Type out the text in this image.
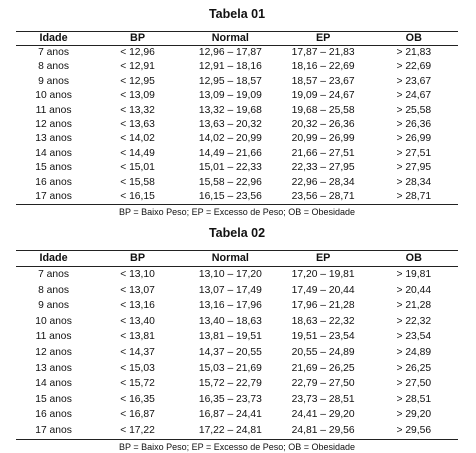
Tabela 01
Idade	BP	Normal	EP	OB
7 anos	< 12,96	12,96 – 17,87	17,87 – 21,83	> 21,83
8 anos	< 12,91	12,91 – 18,16	18,16 – 22,69	> 22,69
9 anos	< 12,95	12,95 – 18,57	18,57 – 23,67	> 23,67
10 anos	< 13,09	13,09 – 19,09	19,09 – 24,67	> 24,67
11 anos	< 13,32	13,32 – 19,68	19,68 – 25,58	> 25,58
12 anos	< 13,63	13,63 – 20,32	20,32 – 26,36	> 26,36
13 anos	< 14,02	14,02 – 20,99	20,99 – 26,99	> 26,99
14 anos	< 14,49	14,49 – 21,66	21,66 – 27,51	> 27,51
15 anos	< 15,01	15,01 – 22,33	22,33 – 27,95	> 27,95
16 anos	< 15,58	15,58 – 22,96	22,96 – 28,34	> 28,34
17 anos	< 16,15	16,15 – 23,56	23,56 – 28,71	> 28,71
BP = Baixo Peso; EP = Excesso de Peso; OB = Obesidade
Tabela 02
Idade	BP	Normal	EP	OB
7 anos	< 13,10	13,10 – 17,20	17,20 – 19,81	> 19,81
8 anos	< 13,07	13,07 – 17,49	17,49 – 20,44	> 20,44
9 anos	< 13,16	13,16 – 17,96	17,96 – 21,28	> 21,28
10 anos	< 13,40	13,40 – 18,63	18,63 – 22,32	> 22,32
11 anos	< 13,81	13,81 – 19,51	19,51 – 23,54	> 23,54
12 anos	< 14,37	14,37 – 20,55	20,55 – 24,89	> 24,89
13 anos	< 15,03	15,03 – 21,69	21,69 – 26,25	> 26,25
14 anos	< 15,72	15,72 – 22,79	22,79 – 27,50	> 27,50
15 anos	< 16,35	16,35 – 23,73	23,73 – 28,51	> 28,51
16 anos	< 16,87	16,87 – 24,41	24,41 – 29,20	> 29,20
17 anos	< 17,22	17,22 – 24,81	24,81 – 29,56	> 29,56
BP = Baixo Peso; EP = Excesso de Peso; OB = Obesidade
